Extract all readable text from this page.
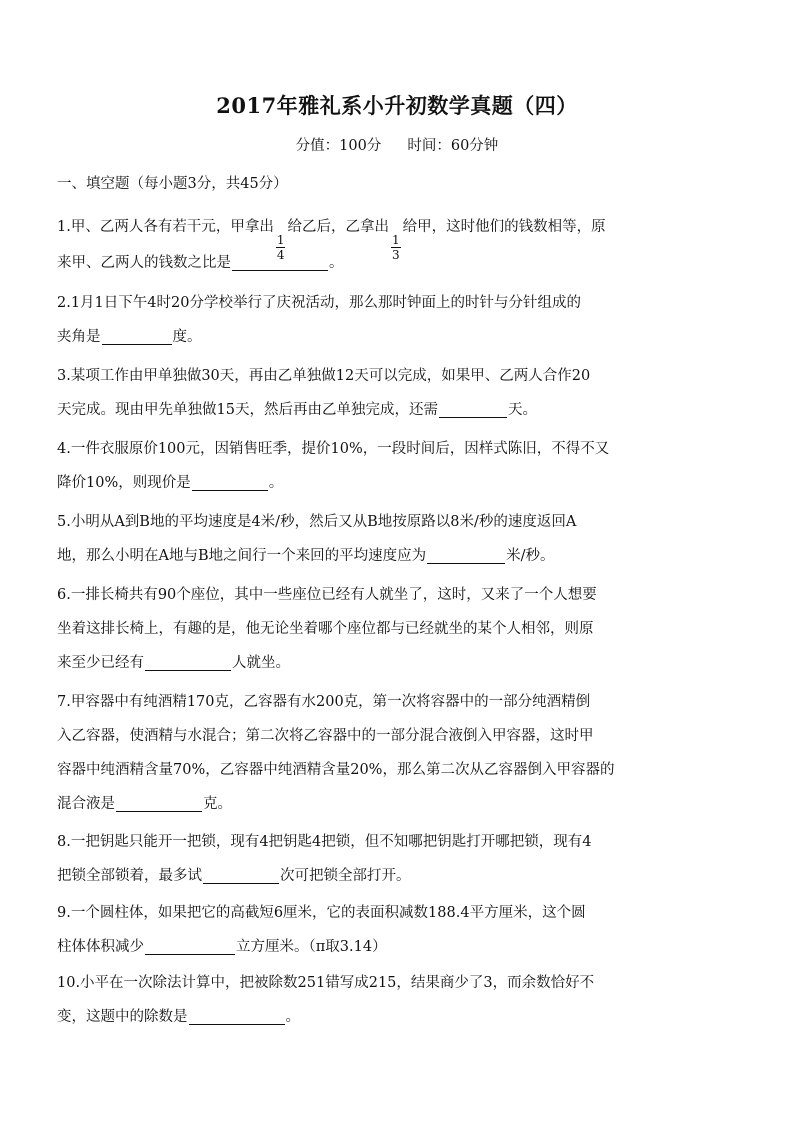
2017年雅礼系小升初数学真题（四）
分值：100分 时间：60分钟
一、填空题（每小题3分，共45分）
1.甲、乙两人各有若干元，甲拿出
$\frac{1}{4}$
给乙后，乙拿出
$\frac{1}{3}$
给甲，这时他们的钱数相等，原
来甲、乙两人的钱数之比是	。
2.1月1日下午4时20分学校举行了庆祝活动，那么那时钟面上的时针与分针组成的
夹角是	度。
3.某项工作由甲单独做30天，再由乙单独做12天可以完成，如果甲、乙两人合作20
天完成。现由甲先单独做15天，然后再由乙单独完成，还需	天。
4.一件衣服原价100元，因销售旺季，提价10%，一段时间后，因样式陈旧，不得不又
降价10%，则现价是	。
5.小明从A到B地的平均速度是4米/秒，然后又从B地按原路以8米/秒的速度返回A
地，那么小明在A地与B地之间行一个来回的平均速度应为	米/秒。
6.一排长椅共有90个座位，其中一些座位已经有人就坐了，这时，又来了一个人想要
坐着这排长椅上，有趣的是，他无论坐着哪个座位都与已经就坐的某个人相邻，则原
来至少已经有	人就坐。
7.甲容器中有纯酒精170克，乙容器有水200克，第一次将容器中的一部分纯酒精倒
入乙容器，使酒精与水混合；第二次将乙容器中的一部分混合液倒入甲容器，这时甲
容器中纯酒精含量70%，乙容器中纯酒精含量20%，那么第二次从乙容器倒入甲容器的
混合液是	克。
8.一把钥匙只能开一把锁，现有4把钥匙4把锁，但不知哪把钥匙打开哪把锁，现有4
把锁全部锁着，最多试	次可把锁全部打开。
9.一个圆柱体，如果把它的高截短6厘米，它的表面积减数188.4平方厘米，这个圆
柱体体积减少	立方厘米。（π取3.14）
10.小平在一次除法计算中，把被除数251错写成215，结果商少了3，而余数恰好不
变，这题中的除数是	。
